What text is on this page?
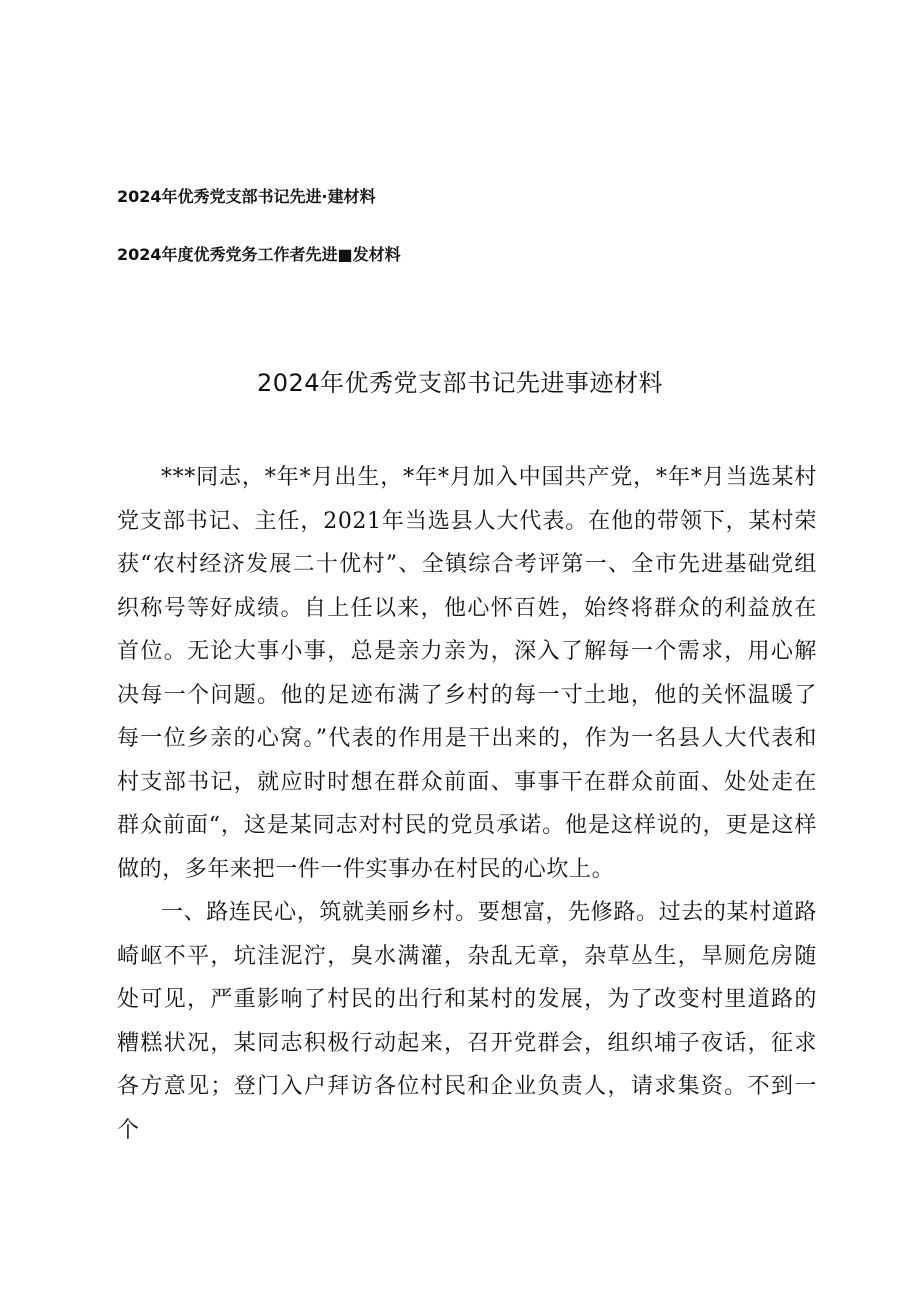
2024年优秀党支部书记先进·建材料
2024年度优秀党务工作者先进■发材料
2024年优秀党支部书记先进事迹材料

***同志，*年*月出生，*年*月加入中国共产党，*年*月当选某村党支部书记、主任，2021年当选县人大代表。在他的带领下，某村荣获“农村经济发展二十优村”、全镇综合考评第一、全市先进基础党组织称号等好成绩。自上任以来，他心怀百姓，始终将群众的利益放在首位。无论大事小事，总是亲力亲为，深入了解每一个需求，用心解决每一个问题。他的足迹布满了乡村的每一寸土地，他的关怀温暖了每一位乡亲的心窝。”代表的作用是干出来的，作为一名县人大代表和村支部书记，就应时时想在群众前面、事事干在群众前面、处处走在群众前面“，这是某同志对村民的党员承诺。他是这样说的，更是这样做的，多年来把一件一件实事办在村民的心坎上。

一、路连民心，筑就美丽乡村。要想富，先修路。过去的某村道路崎岖不平，坑洼泥泞，臭水满灌，杂乱无章，杂草丛生，旱厕危房随处可见，严重影响了村民的出行和某村的发展，为了改变村里道路的糟糕状况，某同志积极行动起来，召开党群会，组织埔子夜话，征求各方意见；登门入户拜访各位村民和企业负责人，请求集资。不到一个
